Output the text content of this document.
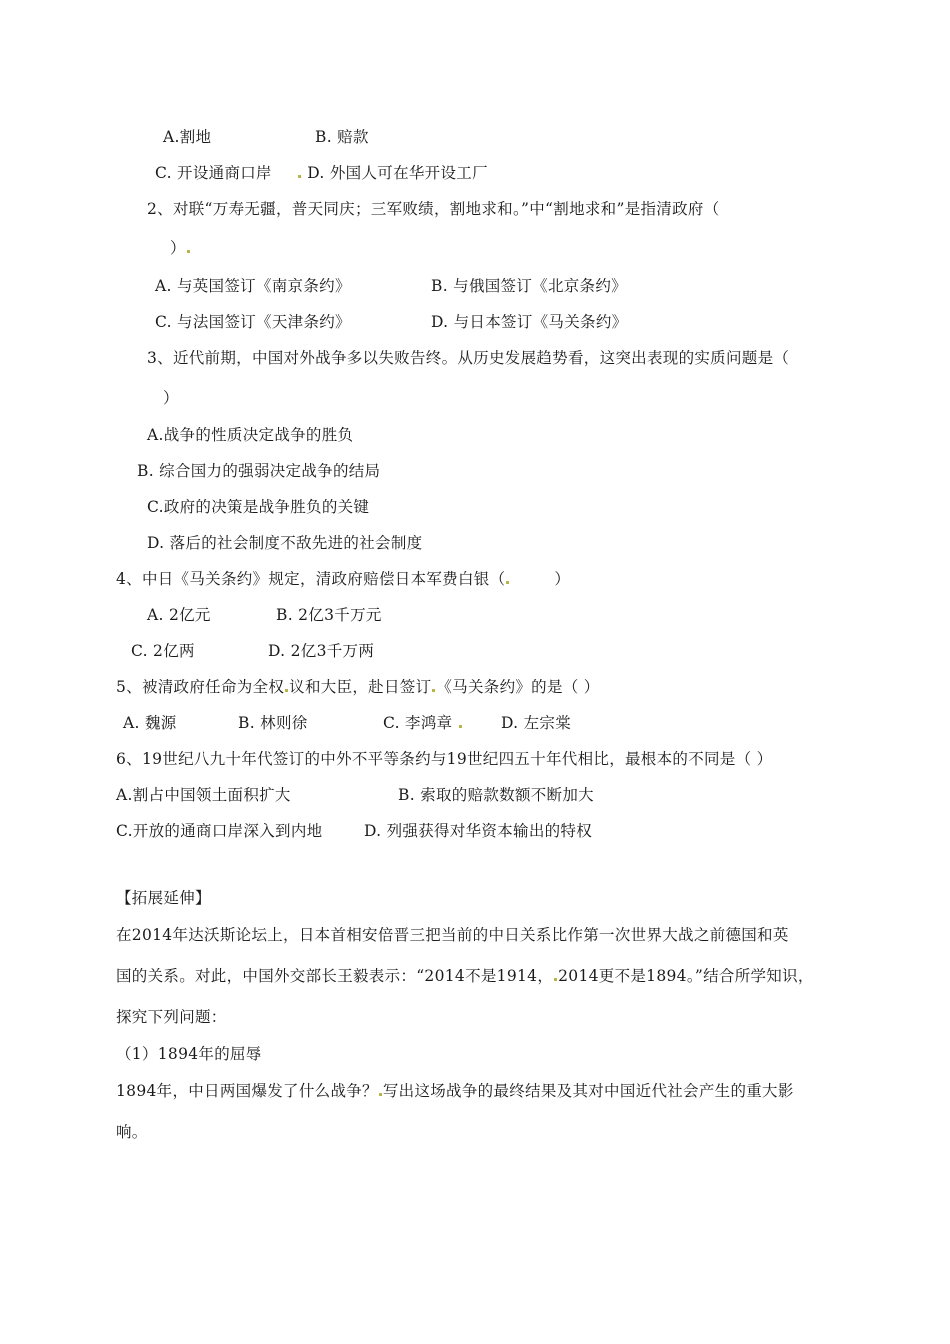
A.割地	B. 赔款
C. 开设通商口岸	D. 外国人可在华开设工厂
2、对联“万寿无疆，普天同庆；三军败绩，割地求和。”中“割地求和”是指清政府（
）
A. 与英国签订《南京条约》	B. 与俄国签订《北京条约》
C. 与法国签订《天津条约》	D. 与日本签订《马关条约》
3、近代前期，中国对外战争多以失败告终。从历史发展趋势看，这突出表现的实质问题是（
）
A.战争的性质决定战争的胜负
B. 综合国力的强弱决定战争的结局
C.政府的决策是战争胜负的关键
D. 落后的社会制度不敌先进的社会制度
4、中日《马关条约》规定，清政府赔偿日本军费白银（	）
A. 2亿元	B. 2亿3千万元
C. 2亿两	D. 2亿3千万两
5、被清政府任命为全权 议和大臣，赴日签订 《马关条约》的是（ ）
A. 魏源	B. 林则徐	C. 李鸿章	D. 左宗棠
6、19世纪八九十年代签订的中外不平等条约与19世纪四五十年代相比，最根本的不同是（ ）
A.割占中国领土面积扩大	B. 索取的赔款数额不断加大
C.开放的通商口岸深入到内地	D. 列强获得对华资本输出的特权
【拓展延伸】
在2014年达沃斯论坛上，日本首相安倍晋三把当前的中日关系比作第一次世界大战之前德国和英
国的关系。对此，中国外交部长王毅表示：“2014不是1914， 2014更不是1894。”结合所学知识，
探究下列问题：
（1）1894年的屈辱
1894年，中日两国爆发了什么战争？ 写出这场战争的最终结果及其对中国近代社会产生的重大影
响。
